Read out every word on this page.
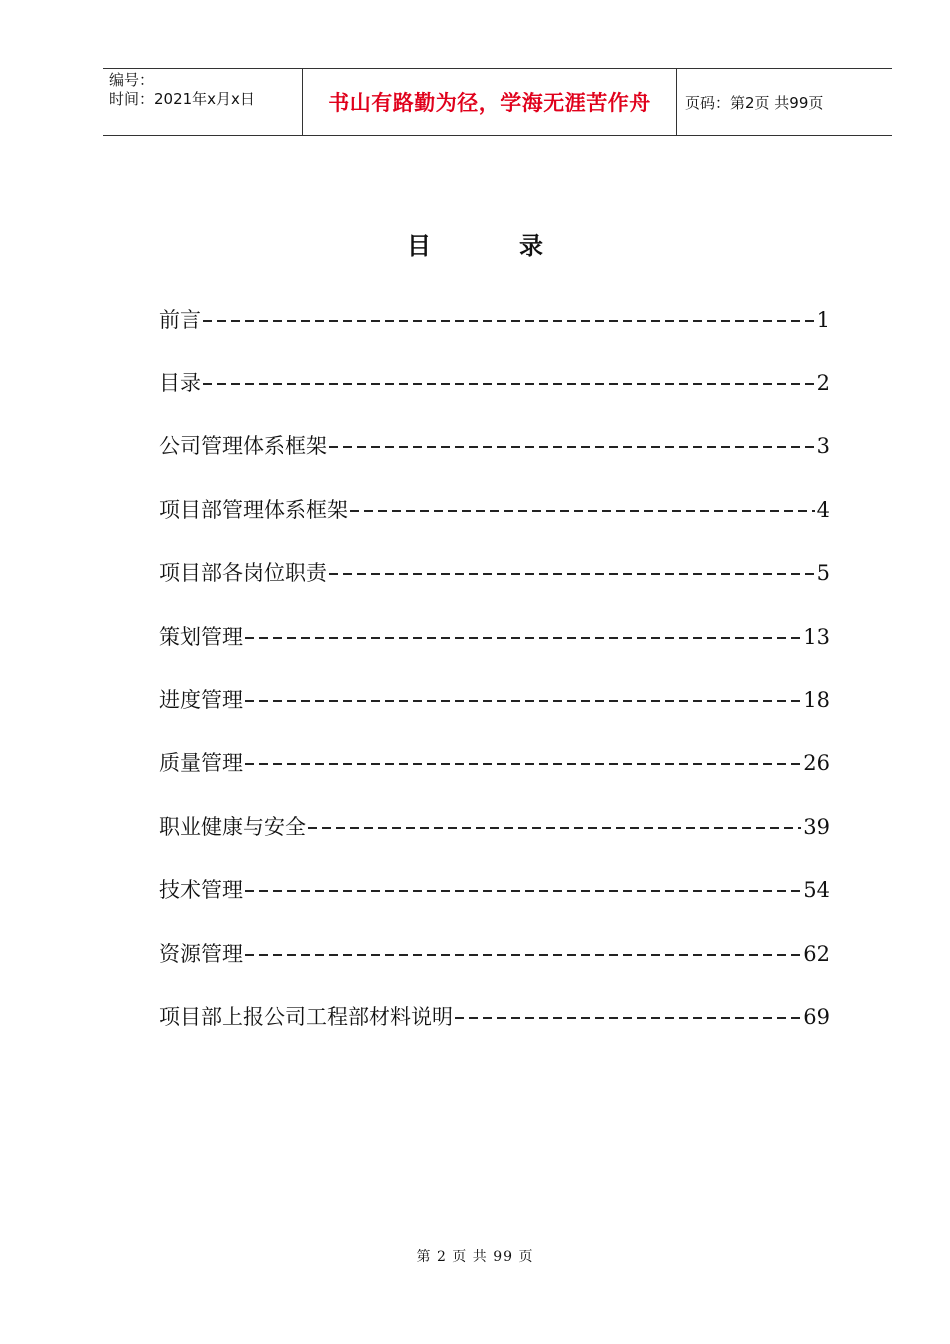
编号：
时间：2021年x月x日	书山有路勤为径，学海无涯苦作舟	页码：第2页 共99页
目	录
前言	1
目录	2
公司管理体系框架	3
项目部管理体系框架	4
项目部各岗位职责	5
策划管理	13
进度管理	18
质量管理	26
职业健康与安全	39
技术管理	54
资源管理	62
项目部上报公司工程部材料说明	69
第 2 页 共 99 页
